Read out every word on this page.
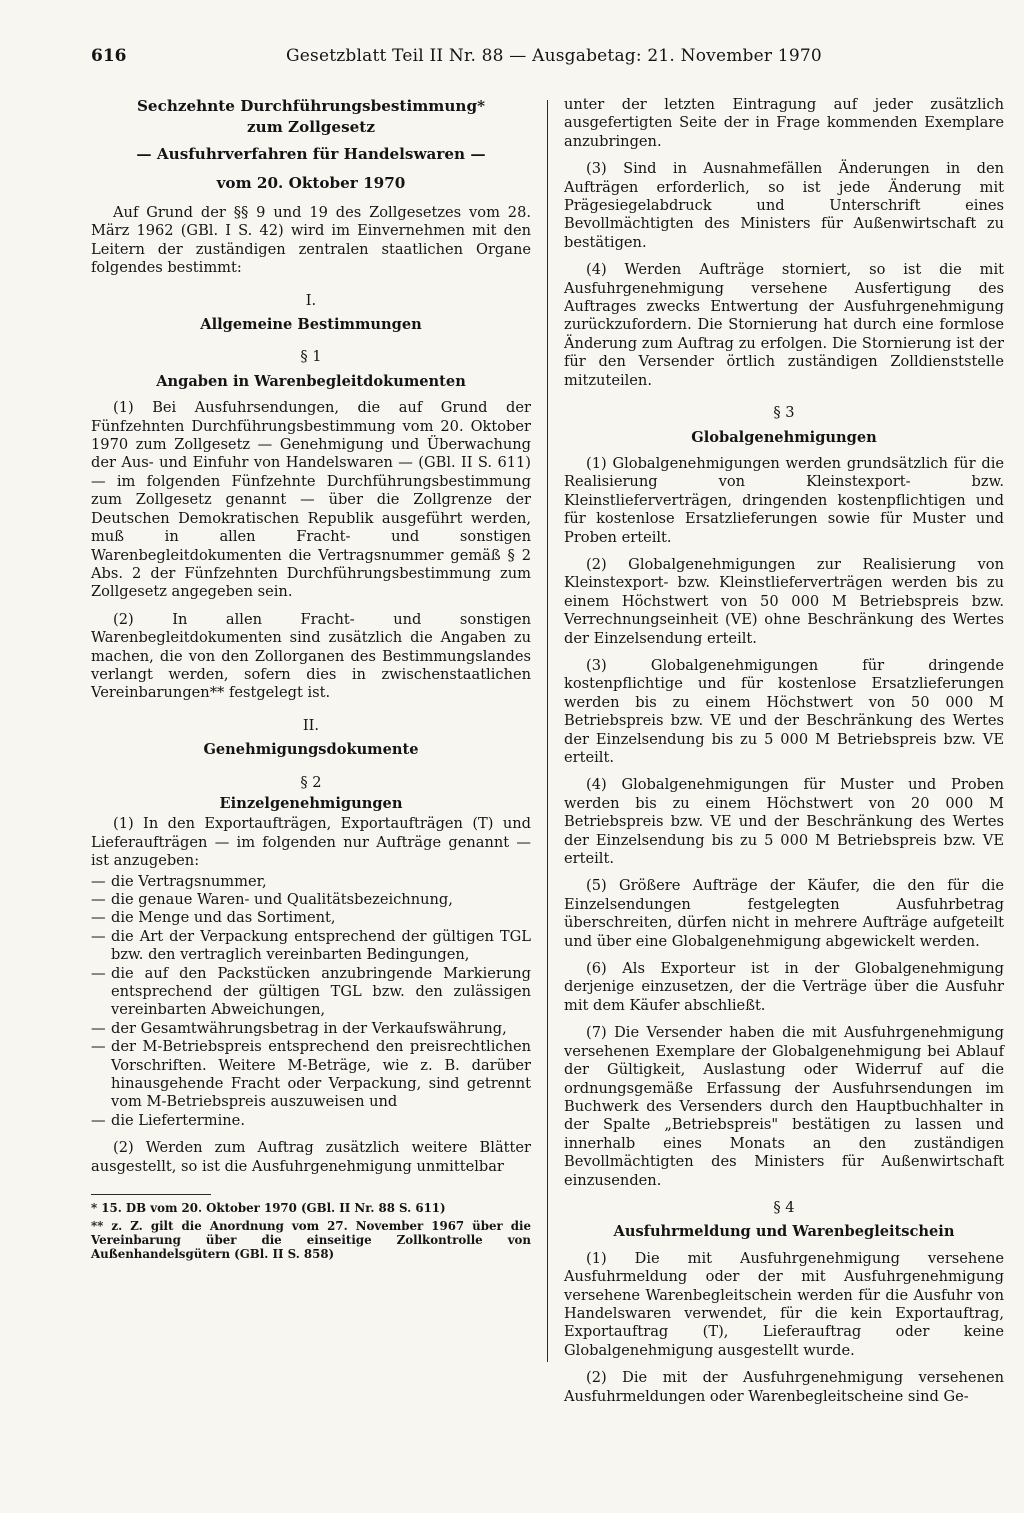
616	Gesetzblatt Teil II Nr. 88 — Ausgabetag: 21. November 1970
Sechzehnte Durchführungsbestimmung*
zum Zollgesetz
— Ausfuhrverfahren für Handelswaren —
vom 20. Oktober 1970

Auf Grund der §§ 9 und 19 des Zollgesetzes vom 28. März 1962 (GBl. I S. 42) wird im Einvernehmen mit den Leitern der zuständigen zentralen staatlichen Organe folgendes bestimmt:

I.
Allgemeine Bestimmungen
§ 1
Angaben in Warenbegleitdokumenten

(1) Bei Ausfuhrsendungen, die auf Grund der Fünfzehnten Durchführungsbestimmung vom 20. Oktober 1970 zum Zollgesetz — Genehmigung und Überwachung der Aus- und Einfuhr von Handelswaren — (GBl. II S. 611) — im folgenden Fünfzehnte Durchführungsbestimmung zum Zollgesetz genannt — über die Zollgrenze der Deutschen Demokratischen Republik ausgeführt werden, muß in allen Fracht- und sonstigen Warenbegleitdokumenten die Vertragsnummer gemäß § 2 Abs. 2 der Fünfzehnten Durchführungsbestimmung zum Zollgesetz angegeben sein.

(2) In allen Fracht- und sonstigen Warenbegleitdokumenten sind zusätzlich die Angaben zu machen, die von den Zollorganen des Bestimmungslandes verlangt werden, sofern dies in zwischenstaatlichen Vereinbarungen** festgelegt ist.

II.
Genehmigungsdokumente
§ 2
Einzelgenehmigungen

(1) In den Exportaufträgen, Exportaufträgen (T) und Lieferaufträgen — im folgenden nur Aufträge genannt — ist anzugeben:

— die Vertragsnummer,
— die genaue Waren- und Qualitätsbezeichnung,
— die Menge und das Sortiment,
— die Art der Verpackung entsprechend der gültigen TGL bzw. den vertraglich vereinbarten Bedingungen,
— die auf den Packstücken anzubringende Markierung entsprechend der gültigen TGL bzw. den zulässigen vereinbarten Abweichungen,
— der Gesamtwährungsbetrag in der Verkaufswährung,
— der M-Betriebspreis entsprechend den preisrechtlichen Vorschriften. Weitere M-Beträge, wie z. B. darüber hinausgehende Fracht oder Verpackung, sind getrennt vom M-Betriebspreis auszuweisen und
— die Liefertermine.

(2) Werden zum Auftrag zusätzlich weitere Blätter ausgestellt, so ist die Ausfuhrgenehmigung unmittelbar

* 15. DB vom 20. Oktober 1970 (GBl. II Nr. 88 S. 611)

** z. Z. gilt die Anordnung vom 27. November 1967 über die Vereinbarung über die einseitige Zollkontrolle von Außenhandelsgütern (GBl. II S. 858)

unter der letzten Eintragung auf jeder zusätzlich ausgefertigten Seite der in Frage kommenden Exemplare anzubringen.

(3) Sind in Ausnahmefällen Änderungen in den Aufträgen erforderlich, so ist jede Änderung mit Prägesiegelabdruck und Unterschrift eines Bevollmächtigten des Ministers für Außenwirtschaft zu bestätigen.

(4) Werden Aufträge storniert, so ist die mit Ausfuhrgenehmigung versehene Ausfertigung des Auftrages zwecks Entwertung der Ausfuhrgenehmigung zurückzufordern. Die Stornierung hat durch eine formlose Änderung zum Auftrag zu erfolgen. Die Stornierung ist der für den Versender örtlich zuständigen Zolldienststelle mitzuteilen.

§ 3
Globalgenehmigungen

(1) Globalgenehmigungen werden grundsätzlich für die Realisierung von Kleinstexport- bzw. Kleinstlieferverträgen, dringenden kostenpflichtigen und für kostenlose Ersatzlieferungen sowie für Muster und Proben erteilt.

(2) Globalgenehmigungen zur Realisierung von Kleinstexport- bzw. Kleinstlieferverträgen werden bis zu einem Höchstwert von 50 000 M Betriebspreis bzw. Verrechnungseinheit (VE) ohne Beschränkung des Wertes der Einzelsendung erteilt.

(3) Globalgenehmigungen für dringende kostenpflichtige und für kostenlose Ersatzlieferungen werden bis zu einem Höchstwert von 50 000 M Betriebspreis bzw. VE und der Beschränkung des Wertes der Einzelsendung bis zu 5 000 M Betriebspreis bzw. VE erteilt.

(4) Globalgenehmigungen für Muster und Proben werden bis zu einem Höchstwert von 20 000 M Betriebspreis bzw. VE und der Beschränkung des Wertes der Einzelsendung bis zu 5 000 M Betriebspreis bzw. VE erteilt.

(5) Größere Aufträge der Käufer, die den für die Einzelsendungen festgelegten Ausfuhrbetrag überschreiten, dürfen nicht in mehrere Aufträge aufgeteilt und über eine Globalgenehmigung abgewickelt werden.

(6) Als Exporteur ist in der Globalgenehmigung derjenige einzusetzen, der die Verträge über die Ausfuhr mit dem Käufer abschließt.

(7) Die Versender haben die mit Ausfuhrgenehmigung versehenen Exemplare der Globalgenehmigung bei Ablauf der Gültigkeit, Auslastung oder Widerruf auf die ordnungsgemäße Erfassung der Ausfuhrsendungen im Buchwerk des Versenders durch den Hauptbuchhalter in der Spalte „Betriebspreis" bestätigen zu lassen und innerhalb eines Monats an den zuständigen Bevollmächtigten des Ministers für Außenwirtschaft einzusenden.

§ 4
Ausfuhrmeldung und Warenbegleitschein

(1) Die mit Ausfuhrgenehmigung versehene Ausfuhrmeldung oder der mit Ausfuhrgenehmigung versehene Warenbegleitschein werden für die Ausfuhr von Handelswaren verwendet, für die kein Exportauftrag, Exportauftrag (T), Lieferauftrag oder keine Globalgenehmigung ausgestellt wurde.

(2) Die mit der Ausfuhrgenehmigung versehenen Ausfuhrmeldungen oder Warenbegleitscheine sind Ge-
